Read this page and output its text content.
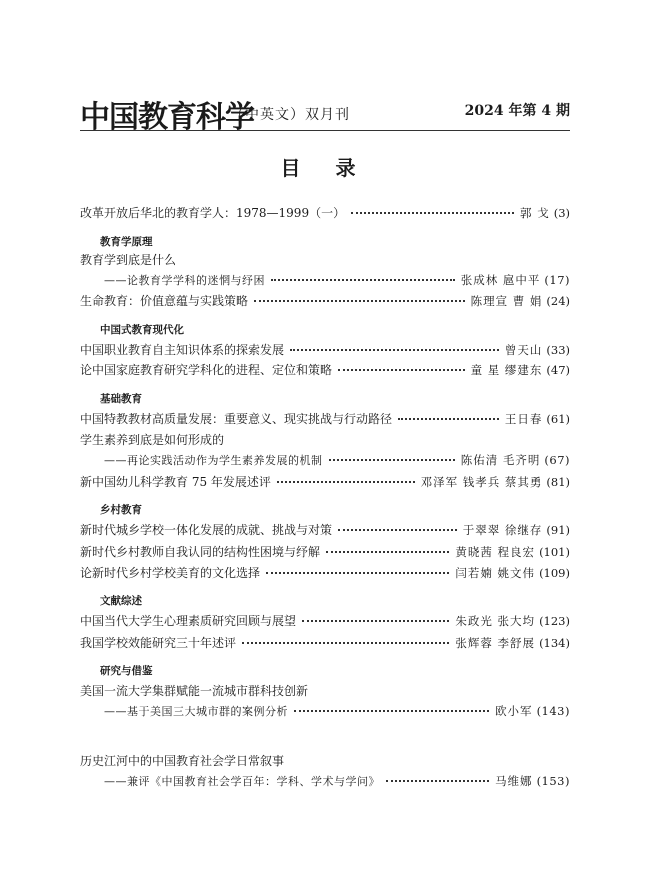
中国教育科学
（中英文）双月刊	2024 年第 4 期
目 录
改革开放后华北的教育学人：1978—1999（一）	郭 戈 (3)
教育学原理
教育学到底是什么
——论教育学学科的迷惘与纾困	张成林 扈中平 (17)
生命教育：价值意蕴与实践策略	陈理宣 曹 娟 (24)
中国式教育现代化
中国职业教育自主知识体系的探索发展	曾天山 (33)
论中国家庭教育研究学科化的进程、定位和策略	童 星 缪建东 (47)
基础教育
中国特教教材高质量发展：重要意义、现实挑战与行动路径	王日春 (61)
学生素养到底是如何形成的
——再论实践活动作为学生素养发展的机制	陈佑清 毛齐明 (67)
新中国幼儿科学教育 75 年发展述评	邓泽军 钱孝兵 蔡其勇 (81)
乡村教育
新时代城乡学校一体化发展的成就、挑战与对策	于翠翠 徐继存 (91)
新时代乡村教师自我认同的结构性困境与纾解	黄晓茜 程良宏 (101)
论新时代乡村学校美育的文化选择	闫若婻 姚文伟 (109)
文献综述
中国当代大学生心理素质研究回顾与展望	朱政光 张大均 (123)
我国学校效能研究三十年述评	张辉蓉 李舒展 (134)
研究与借鉴
美国一流大学集群赋能一流城市群科技创新
——基于美国三大城市群的案例分析	欧小军 (143)
历史江河中的中国教育社会学日常叙事
——兼评《中国教育社会学百年：学科、学术与学问》	马维娜 (153)
